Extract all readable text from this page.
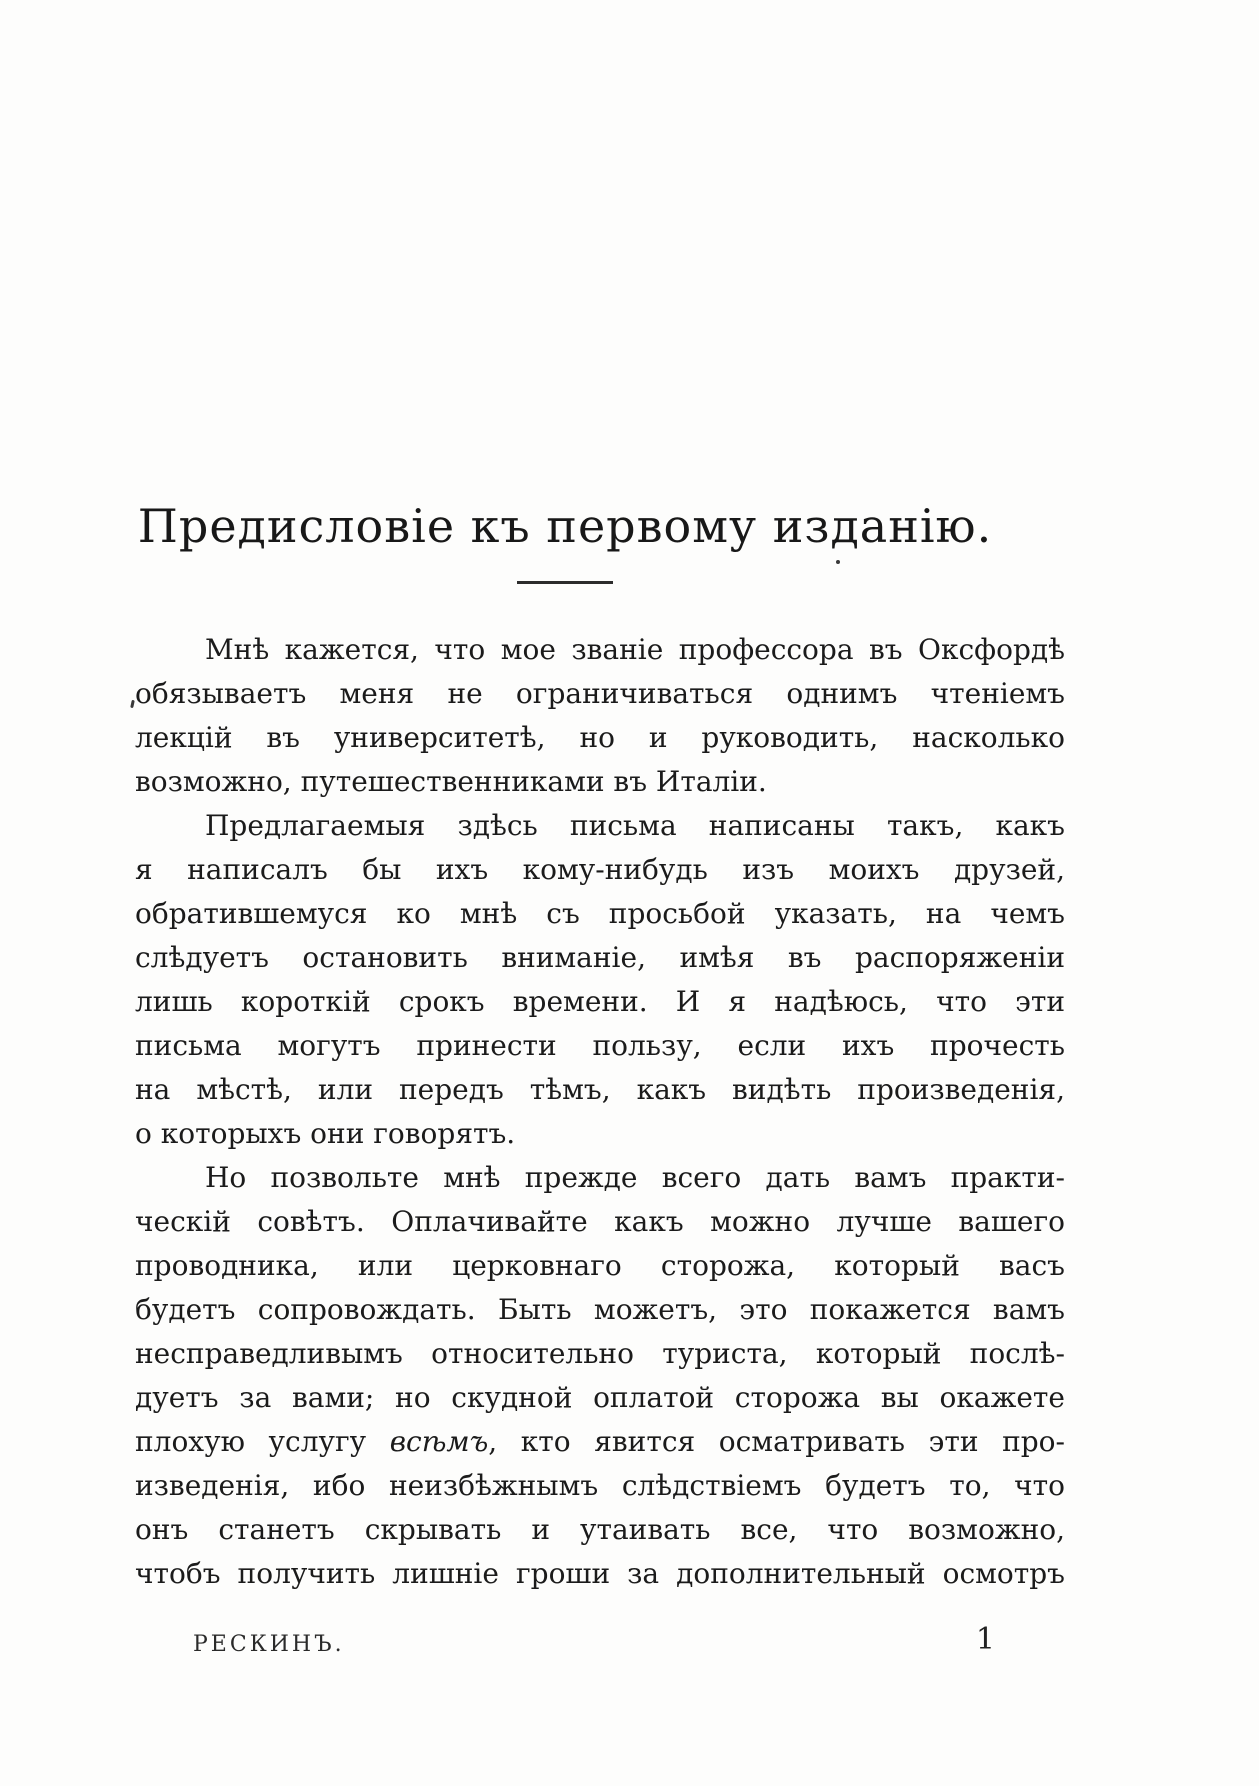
Предисловіе къ первому изданію.

Мнѣ кажется, что мое званіе профессора въ Оксфордѣ
обязываетъ меня не ограничиваться однимъ чтеніемъ
лекцій въ университетѣ, но и руководить, насколько
возможно, путешественниками въ Италіи.

Предлагаемыя здѣсь письма написаны такъ, какъ
я написалъ бы ихъ кому-нибудь изъ моихъ друзей,
обратившемуся ко мнѣ съ просьбой указать, на чемъ
слѣдуетъ остановить вниманіе, имѣя въ распоряженіи
лишь короткій срокъ времени. И я надѣюсь, что эти
письма могутъ принести пользу, если ихъ прочесть
на мѣстѣ, или передъ тѣмъ, какъ видѣть произведенія,
о которыхъ они говорятъ.

Но позвольте мнѣ прежде всего дать вамъ практи-
ческій совѣтъ. Оплачивайте какъ можно лучше вашего
проводника, или церковнаго сторожа, который васъ
будетъ сопровождать. Быть можетъ, это покажется вамъ
несправедливымъ относительно туриста, который послѣ-
дуетъ за вами; но скудной оплатой сторожа вы окажете
плохую услугу всѣмъ, кто явится осматривать эти про-
изведенія, ибо неизбѣжнымъ слѣдствіемъ будетъ то, что
онъ станетъ скрывать и утаивать все, что возможно,
чтобъ получить лишніе гроши за дополнительный осмотръ

РЕСКИНЪ.	1
